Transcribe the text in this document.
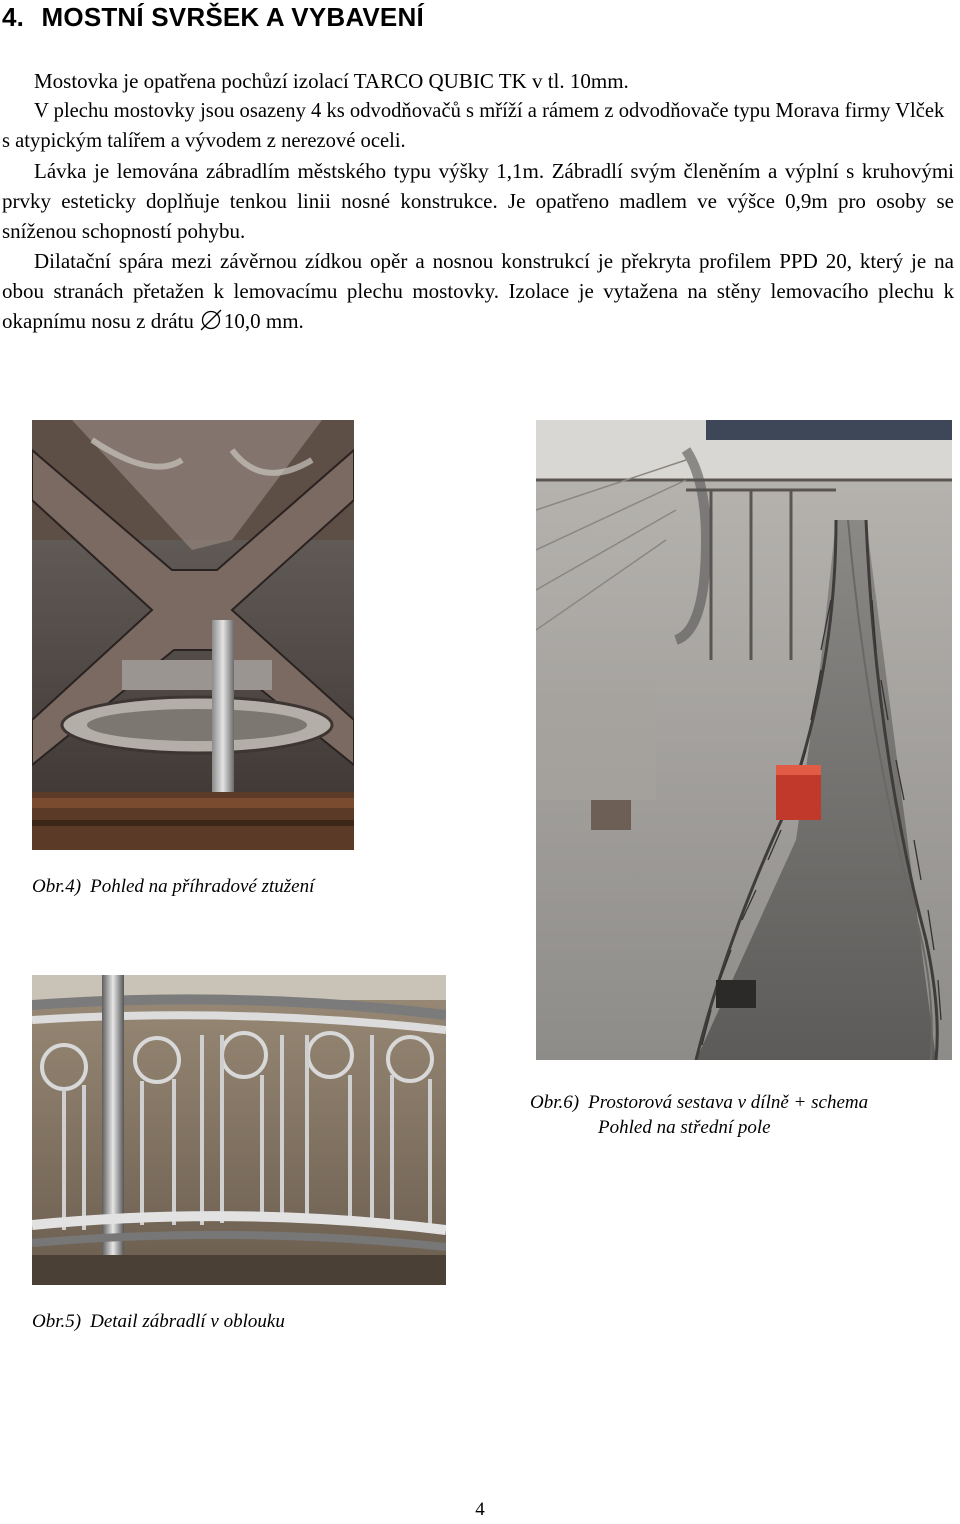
4. MOSTNÍ SVRŠEK A VYBAVENÍ
Mostovka je opatřena pochůzí izolací TARCO QUBIC TK v tl. 10mm.
V plechu mostovky jsou osazeny 4 ks odvodňovačů s mříží a rámem z odvodňovače typu Morava firmy Vlček s atypickým talířem a vývodem z nerezové oceli.
Lávka je lemována zábradlím městského typu výšky 1,1m. Zábradlí svým členěním a výplní s kruhovými prvky esteticky doplňuje tenkou linii nosné konstrukce. Je opatřeno madlem ve výšce 0,9m pro osoby se sníženou schopností pohybu.
Dilatační spára mezi závěrnou zídkou opěr a nosnou konstrukcí je překryta profilem PPD 20, který je na obou stranách přetažen k lemovacímu plechu mostovky. Izolace je vytažena na stěny lemovacího plechu k okapnímu nosu z drátu 10,0 mm.
Obr.4) Pohled na příhradové ztužení
Obr.6) Prostorová sestava v dílně + schema
Pohled na střední pole
Obr.5) Detail zábradlí v oblouku
4
